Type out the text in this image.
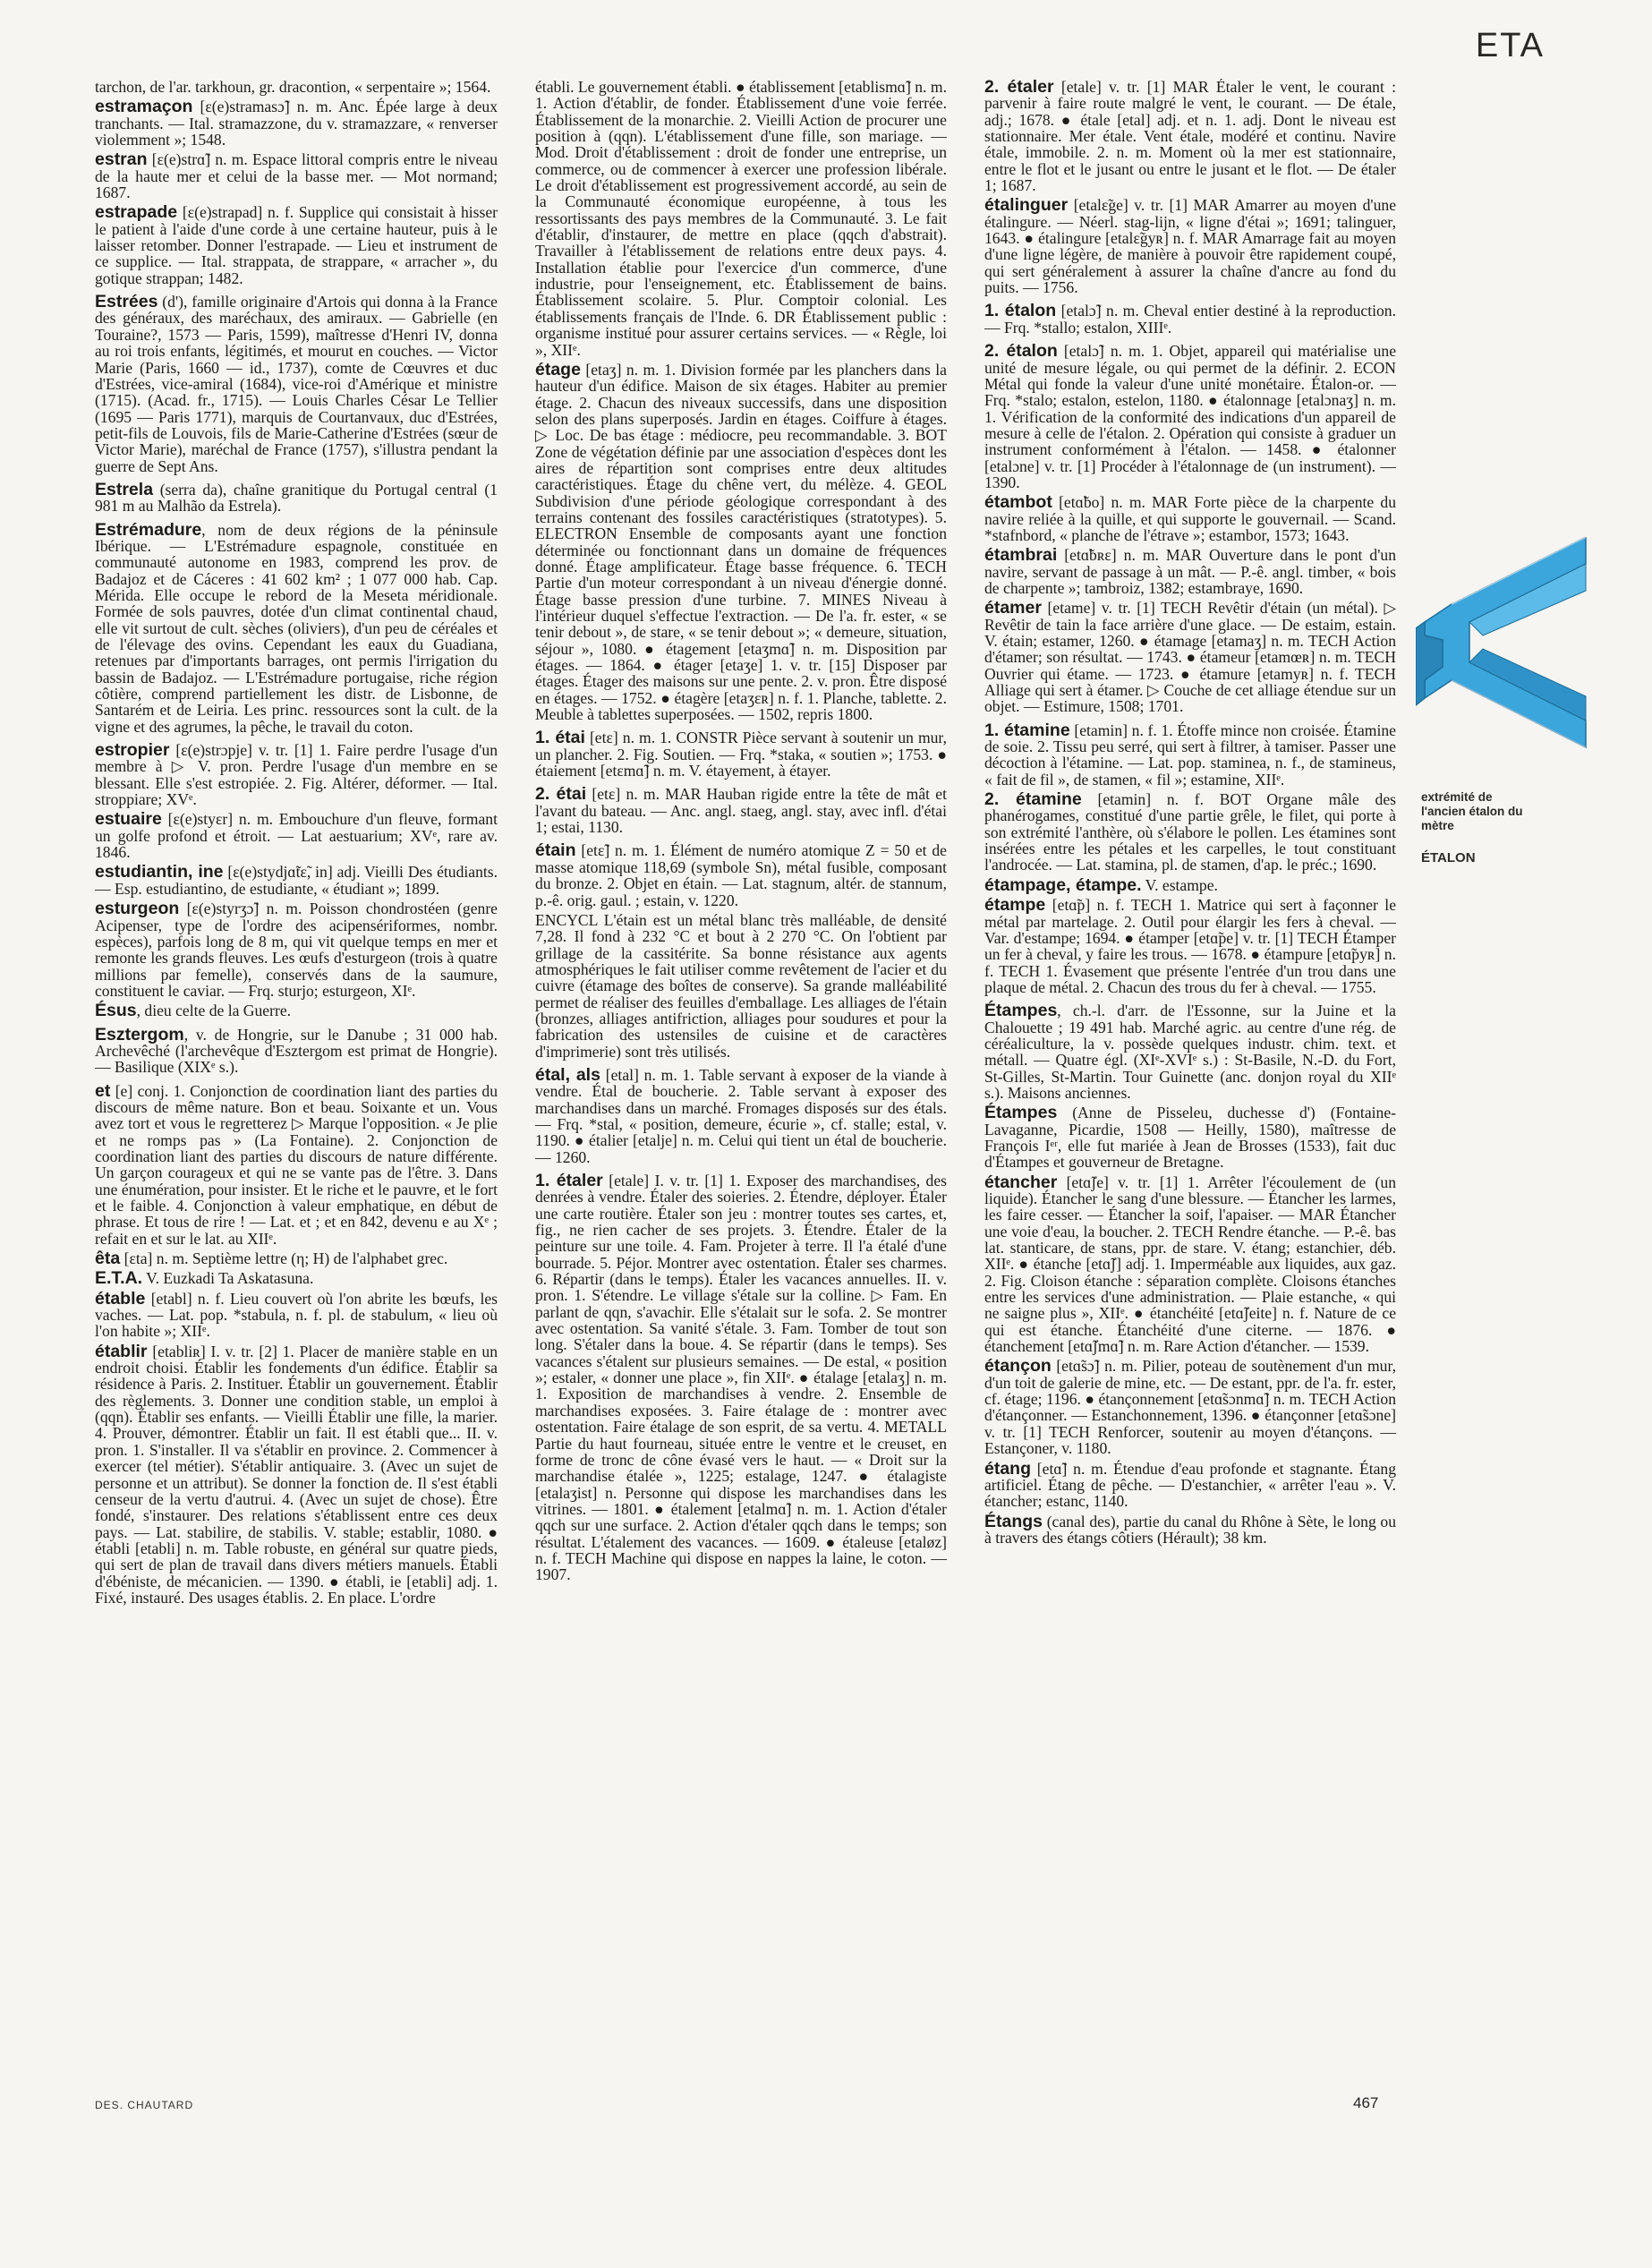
ETA

tarchon, de l'ar. tarkhoun, gr. dracontion, « serpentaire »; 1564.

estramaçon [ɛ(e)stramasɔ̃] n. m. Anc. Épée large à deux tranchants. — Ital. stramazzone, du v. stramazzare, « renverser violemment »; 1548.

estran [ɛ(e)strɑ̃] n. m. Espace littoral compris entre le niveau de la haute mer et celui de la basse mer. — Mot normand; 1687.

estrapade [ɛ(e)strapad] n. f. Supplice qui consistait à hisser le patient à l'aide d'une corde à une certaine hauteur, puis à le laisser retomber. Donner l'estrapade. — Lieu et instrument de ce supplice. — Ital. strappata, de strappare, « arracher », du gotique strappan; 1482.

Estrées (d'), famille originaire d'Artois qui donna à la France des généraux, des maréchaux, des amiraux. — Gabrielle (en Touraine?, 1573 — Paris, 1599), maîtresse d'Henri IV, donna au roi trois enfants, légitimés, et mourut en couches. — Victor Marie (Paris, 1660 — id., 1737), comte de Cœuvres et duc d'Estrées, vice-amiral (1684), vice-roi d'Amérique et ministre (1715). (Acad. fr., 1715). — Louis Charles César Le Tellier (1695 — Paris 1771), marquis de Courtanvaux, duc d'Estrées, petit-fils de Louvois, fils de Marie-Catherine d'Estrées (sœur de Victor Marie), maréchal de France (1757), s'illustra pendant la guerre de Sept Ans.

Estrela (serra da), chaîne granitique du Portugal central (1 981 m au Malhão da Estrela).

Estrémadure, nom de deux régions de la péninsule Ibérique. — L'Estrémadure espagnole, constituée en communauté autonome en 1983, comprend les prov. de Badajoz et de Cáceres : 41 602 km² ; 1 077 000 hab. Cap. Mérida. Elle occupe le rebord de la Meseta méridionale. Formée de sols pauvres, dotée d'un climat continental chaud, elle vit surtout de cult. sèches (oliviers), d'un peu de céréales et de l'élevage des ovins. Cependant les eaux du Guadiana, retenues par d'importants barrages, ont permis l'irrigation du bassin de Badajoz. — L'Estrémadure portugaise, riche région côtière, comprend partiellement les distr. de Lisbonne, de Santarém et de Leiria. Les princ. ressources sont la cult. de la vigne et des agrumes, la pêche, le travail du coton.

estropier [ɛ(e)strɔpje] v. tr. [1] 1. Faire perdre l'usage d'un membre à ▷ V. pron. Perdre l'usage d'un membre en se blessant. Elle s'est estropiée. 2. Fig. Altérer, déformer. — Ital. stroppiare; XVᵉ.

estuaire [ɛ(e)styɛr] n. m. Embouchure d'un fleuve, formant un golfe profond et étroit. — Lat aestuarium; XVᵉ, rare av. 1846.

estudiantin, ine [ɛ(e)stydjɑ̃tɛ̃, in] adj. Vieilli Des étudiants. — Esp. estudiantino, de estudiante, « étudiant »; 1899.

esturgeon [ɛ(e)styrʒɔ̃] n. m. Poisson chondrostéen (genre Acipenser, type de l'ordre des acipensériformes, nombr. espèces), parfois long de 8 m, qui vit quelque temps en mer et remonte les grands fleuves. Les œufs d'esturgeon (trois à quatre millions par femelle), conservés dans de la saumure, constituent le caviar. — Frq. sturjo; esturgeon, XIᵉ.

Ésus, dieu celte de la Guerre.

Esztergom, v. de Hongrie, sur le Danube ; 31 000 hab. Archevêché (l'archevêque d'Esztergom est primat de Hongrie). — Basilique (XIXᵉ s.).

et [e] conj. 1. Conjonction de coordination liant des parties du discours de même nature. Bon et beau. Soixante et un. Vous avez tort et vous le regretterez ▷ Marque l'opposition. « Je plie et ne romps pas » (La Fontaine). 2. Conjonction de coordination liant des parties du discours de nature différente. Un garçon courageux et qui ne se vante pas de l'être. 3. Dans une énumération, pour insister. Et le riche et le pauvre, et le fort et le faible. 4. Conjonction à valeur emphatique, en début de phrase. Et tous de rire ! — Lat. et ; et en 842, devenu e au Xᵉ ; refait en et sur le lat. au XIIᵉ.

êta [ɛta] n. m. Septième lettre (η; H) de l'alphabet grec.

E.T.A. V. Euzkadi Ta Askatasuna.

étable [etabl] n. f. Lieu couvert où l'on abrite les bœufs, les vaches. — Lat. pop. *stabula, n. f. pl. de stabulum, « lieu où l'on habite »; XIIᵉ.

établir [etabliʀ] I. v. tr. [2] 1. Placer de manière stable en un endroit choisi. Établir les fondements d'un édifice. Établir sa résidence à Paris. 2. Instituer. Établir un gouvernement. Établir des règlements. 3. Donner une condition stable, un emploi à (qqn). Établir ses enfants. — Vieilli Établir une fille, la marier. 4. Prouver, démontrer. Établir un fait. Il est établi que... II. v. pron. 1. S'installer. Il va s'établir en province. 2. Commencer à exercer (tel métier). S'établir antiquaire. 3. (Avec un sujet de personne et un attribut). Se donner la fonction de. Il s'est établi censeur de la vertu d'autrui. 4. (Avec un sujet de chose). Être fondé, s'instaurer. Des relations s'établissent entre ces deux pays. — Lat. stabilire, de stabilis. V. stable; establir, 1080. ● établi [etabli] n. m. Table robuste, en général sur quatre pieds, qui sert de plan de travail dans divers métiers manuels. Établi d'ébéniste, de mécanicien. — 1390. ● établi, ie [etabli] adj. 1. Fixé, instauré. Des usages établis. 2. En place. L'ordre

établi. Le gouvernement établi. ● établissement [etablismɑ̃] n. m. 1. Action d'établir, de fonder. Établissement d'une voie ferrée. Établissement de la monarchie. 2. Vieilli Action de procurer une position à (qqn). L'établissement d'une fille, son mariage. — Mod. Droit d'établissement : droit de fonder une entreprise, un commerce, ou de commencer à exercer une profession libérale. Le droit d'établissement est progressivement accordé, au sein de la Communauté économique européenne, à tous les ressortissants des pays membres de la Communauté. 3. Le fait d'établir, d'instaurer, de mettre en place (qqch d'abstrait). Travailler à l'établissement de relations entre deux pays. 4. Installation établie pour l'exercice d'un commerce, d'une industrie, pour l'enseignement, etc. Établissement de bains. Établissement scolaire. 5. Plur. Comptoir colonial. Les établissements français de l'Inde. 6. DR Établissement public : organisme institué pour assurer certains services. — « Règle, loi », XIIᵉ.

étage [etaʒ] n. m. 1. Division formée par les planchers dans la hauteur d'un édifice. Maison de six étages. Habiter au premier étage. 2. Chacun des niveaux successifs, dans une disposition selon des plans superposés. Jardin en étages. Coiffure à étages. ▷ Loc. De bas étage : médiocre, peu recommandable. 3. BOT Zone de végétation définie par une association d'espèces dont les aires de répartition sont comprises entre deux altitudes caractéristiques. Étage du chêne vert, du mélèze. 4. GEOL Subdivision d'une période géologique correspondant à des terrains contenant des fossiles caractéristiques (stratotypes). 5. ELECTRON Ensemble de composants ayant une fonction déterminée ou fonctionnant dans un domaine de fréquences donné. Étage amplificateur. Étage basse fréquence. 6. TECH Partie d'un moteur correspondant à un niveau d'énergie donné. Étage basse pression d'une turbine. 7. MINES Niveau à l'intérieur duquel s'effectue l'extraction. — De l'a. fr. ester, « se tenir debout », de stare, « se tenir debout »; « demeure, situation, séjour », 1080. ● étagement [etaʒmɑ̃] n. m. Disposition par étages. — 1864. ● étager [etaʒe] 1. v. tr. [15] Disposer par étages. Étager des maisons sur une pente. 2. v. pron. Être disposé en étages. — 1752. ● étagère [etaʒɛʀ] n. f. 1. Planche, tablette. 2. Meuble à tablettes superposées. — 1502, repris 1800.

1. étai [etɛ] n. m. 1. CONSTR Pièce servant à soutenir un mur, un plancher. 2. Fig. Soutien. — Frq. *staka, « soutien »; 1753. ● étaiement [etɛmɑ̃] n. m. V. étayement, à étayer.

2. étai [etɛ] n. m. MAR Hauban rigide entre la tête de mât et l'avant du bateau. — Anc. angl. staeg, angl. stay, avec infl. d'étai 1; estai, 1130.

étain [etɛ̃] n. m. 1. Élément de numéro atomique Z = 50 et de masse atomique 118,69 (symbole Sn), métal fusible, composant du bronze. 2. Objet en étain. — Lat. stagnum, altér. de stannum, p.-ê. orig. gaul. ; estain, v. 1220.

ENCYCL L'étain est un métal blanc très malléable, de densité 7,28. Il fond à 232 °C et bout à 2 270 °C. On l'obtient par grillage de la cassitérite. Sa bonne résistance aux agents atmosphériques le fait utiliser comme revêtement de l'acier et du cuivre (étamage des boîtes de conserve). Sa grande malléabilité permet de réaliser des feuilles d'emballage. Les alliages de l'étain (bronzes, alliages antifriction, alliages pour soudures et pour la fabrication des ustensiles de cuisine et de caractères d'imprimerie) sont très utilisés.

étal, als [etal] n. m. 1. Table servant à exposer de la viande à vendre. Étal de boucherie. 2. Table servant à exposer des marchandises dans un marché. Fromages disposés sur des étals. — Frq. *stal, « position, demeure, écurie », cf. stalle; estal, v. 1190. ● étalier [etalje] n. m. Celui qui tient un étal de boucherie. — 1260.

1. étaler [etale] I. v. tr. [1] 1. Exposer des marchandises, des denrées à vendre. Étaler des soieries. 2. Étendre, déployer. Étaler une carte routière. Étaler son jeu : montrer toutes ses cartes, et, fig., ne rien cacher de ses projets. 3. Étendre. Étaler de la peinture sur une toile. 4. Fam. Projeter à terre. Il l'a étalé d'une bourrade. 5. Péjor. Montrer avec ostentation. Étaler ses charmes. 6. Répartir (dans le temps). Étaler les vacances annuelles. II. v. pron. 1. S'étendre. Le village s'étale sur la colline. ▷ Fam. En parlant de qqn, s'avachir. Elle s'étalait sur le sofa. 2. Se montrer avec ostentation. Sa vanité s'étale. 3. Fam. Tomber de tout son long. S'étaler dans la boue. 4. Se répartir (dans le temps). Ses vacances s'étalent sur plusieurs semaines. — De estal, « position »; estaler, « donner une place », fin XIIᵉ. ● étalage [etalaʒ] n. m. 1. Exposition de marchandises à vendre. 2. Ensemble de marchandises exposées. 3. Faire étalage de : montrer avec ostentation. Faire étalage de son esprit, de sa vertu. 4. METALL Partie du haut fourneau, située entre le ventre et le creuset, en forme de tronc de cône évasé vers le haut. — « Droit sur la marchandise étalée », 1225; estalage, 1247. ● étalagiste [etalaʒist] n. Personne qui dispose les marchandises dans les vitrines. — 1801. ● étalement [etalmɑ̃] n. m. 1. Action d'étaler qqch sur une surface. 2. Action d'étaler qqch dans le temps; son résultat. L'étalement des vacances. — 1609. ● étaleuse [etaløz] n. f. TECH Machine qui dispose en nappes la laine, le coton. — 1907.

2. étaler [etale] v. tr. [1] MAR Étaler le vent, le courant : parvenir à faire route malgré le vent, le courant. — De étale, adj.; 1678. ● étale [etal] adj. et n. 1. adj. Dont le niveau est stationnaire. Mer étale. Vent étale, modéré et continu. Navire étale, immobile. 2. n. m. Moment où la mer est stationnaire, entre le flot et le jusant ou entre le jusant et le flot. — De étaler 1; 1687.

étalinguer [etalɛ̃ge] v. tr. [1] MAR Amarrer au moyen d'une étalingure. — Néerl. stag-lijn, « ligne d'étai »; 1691; talinguer, 1643. ● étalingure [etalɛ̃gyʀ] n. f. MAR Amarrage fait au moyen d'une ligne légère, de manière à pouvoir être rapidement coupé, qui sert généralement à assurer la chaîne d'ancre au fond du puits. — 1756.

1. étalon [etalɔ̃] n. m. Cheval entier destiné à la reproduction. — Frq. *stallo; estalon, XIIIᵉ.

2. étalon [etalɔ̃] n. m. 1. Objet, appareil qui matérialise une unité de mesure légale, ou qui permet de la définir. 2. ECON Métal qui fonde la valeur d'une unité monétaire. Étalon-or. — Frq. *stalo; estalon, estelon, 1180. ● étalonnage [etalɔnaʒ] n. m. 1. Vérification de la conformité des indications d'un appareil de mesure à celle de l'étalon. 2. Opération qui consiste à graduer un instrument conformément à l'étalon. — 1458. ● étalonner [etalɔne] v. tr. [1] Procéder à l'étalonnage de (un instrument). — 1390.

étambot [etɑ̃bo] n. m. MAR Forte pièce de la charpente du navire reliée à la quille, et qui supporte le gouvernail. — Scand. *stafnbord, « planche de l'étrave »; estambor, 1573; 1643.

étambrai [etɑ̃bʀɛ] n. m. MAR Ouverture dans le pont d'un navire, servant de passage à un mât. — P.-ê. angl. timber, « bois de charpente »; tambroiz, 1382; estambraye, 1690.

étamer [etame] v. tr. [1] TECH Revêtir d'étain (un métal). ▷ Revêtir de tain la face arrière d'une glace. — De estaim, estain. V. étain; estamer, 1260. ● étamage [etamaʒ] n. m. TECH Action d'étamer; son résultat. — 1743. ● étameur [etamœʀ] n. m. TECH Ouvrier qui étame. — 1723. ● étamure [etamyʀ] n. f. TECH Alliage qui sert à étamer. ▷ Couche de cet alliage étendue sur un objet. — Estimure, 1508; 1701.

1. étamine [etamin] n. f. 1. Étoffe mince non croisée. Étamine de soie. 2. Tissu peu serré, qui sert à filtrer, à tamiser. Passer une décoction à l'étamine. — Lat. pop. staminea, n. f., de stamineus, « fait de fil », de stamen, « fil »; estamine, XIIᵉ.

2. étamine [etamin] n. f. BOT Organe mâle des phanérogames, constitué d'une partie grêle, le filet, qui porte à son extrémité l'anthère, où s'élabore le pollen. Les étamines sont insérées entre les pétales et les carpelles, le tout constituant l'androcée. — Lat. stamina, pl. de stamen, d'ap. le préc.; 1690.

étampage, étampe. V. estampe.

étampe [etɑ̃p] n. f. TECH 1. Matrice qui sert à façonner le métal par martelage. 2. Outil pour élargir les fers à cheval. — Var. d'estampe; 1694. ● étamper [etɑ̃pe] v. tr. [1] TECH Étamper un fer à cheval, y faire les trous. — 1678. ● étampure [etɑ̃pyʀ] n. f. TECH 1. Évasement que présente l'entrée d'un trou dans une plaque de métal. 2. Chacun des trous du fer à cheval. — 1755.

Étampes, ch.-l. d'arr. de l'Essonne, sur la Juine et la Chalouette ; 19 491 hab. Marché agric. au centre d'une rég. de céréaliculture, la v. possède quelques industr. chim. text. et métall. — Quatre égl. (XIᵉ-XVIᵉ s.) : St-Basile, N.-D. du Fort, St-Gilles, St-Martin. Tour Guinette (anc. donjon royal du XIIᵉ s.). Maisons anciennes.

Étampes (Anne de Pisseleu, duchesse d') (Fontaine-Lavaganne, Picardie, 1508 — Heilly, 1580), maîtresse de François Iᵉʳ, elle fut mariée à Jean de Brosses (1533), fait duc d'Étampes et gouverneur de Bretagne.

étancher [etɑ̃ʃe] v. tr. [1] 1. Arrêter l'écoulement de (un liquide). Étancher le sang d'une blessure. — Étancher les larmes, les faire cesser. — Étancher la soif, l'apaiser. — MAR Étancher une voie d'eau, la boucher. 2. TECH Rendre étanche. — P.-ê. bas lat. stanticare, de stans, ppr. de stare. V. étang; estanchier, déb. XIIᵉ. ● étanche [etɑ̃ʃ] adj. 1. Imperméable aux liquides, aux gaz. 2. Fig. Cloison étanche : séparation complète. Cloisons étanches entre les services d'une administration. — Plaie estanche, « qui ne saigne plus », XIIᵉ. ● étanchéité [etɑ̃ʃeite] n. f. Nature de ce qui est étanche. Étanchéité d'une citerne. — 1876. ● étanchement [etɑ̃ʃmɑ̃] n. m. Rare Action d'étancher. — 1539.

étançon [etɑ̃sɔ̃] n. m. Pilier, poteau de soutènement d'un mur, d'un toit de galerie de mine, etc. — De estant, ppr. de l'a. fr. ester, cf. étage; 1196. ● étançonnement [etɑ̃sɔnmɑ̃] n. m. TECH Action d'étançonner. — Estanchonnement, 1396. ● étançonner [etɑ̃sɔne] v. tr. [1] TECH Renforcer, soutenir au moyen d'étançons. — Estançoner, v. 1180.

étang [etɑ̃] n. m. Étendue d'eau profonde et stagnante. Étang artificiel. Étang de pêche. — D'estanchier, « arrêter l'eau ». V. étancher; estanc, 1140.

Étangs (canal des), partie du canal du Rhône à Sète, le long ou à travers des étangs côtiers (Hérault); 38 km.

extrémité de l'ancien étalon du mètre
ÉTALON
DES. CHAUTARD	467
